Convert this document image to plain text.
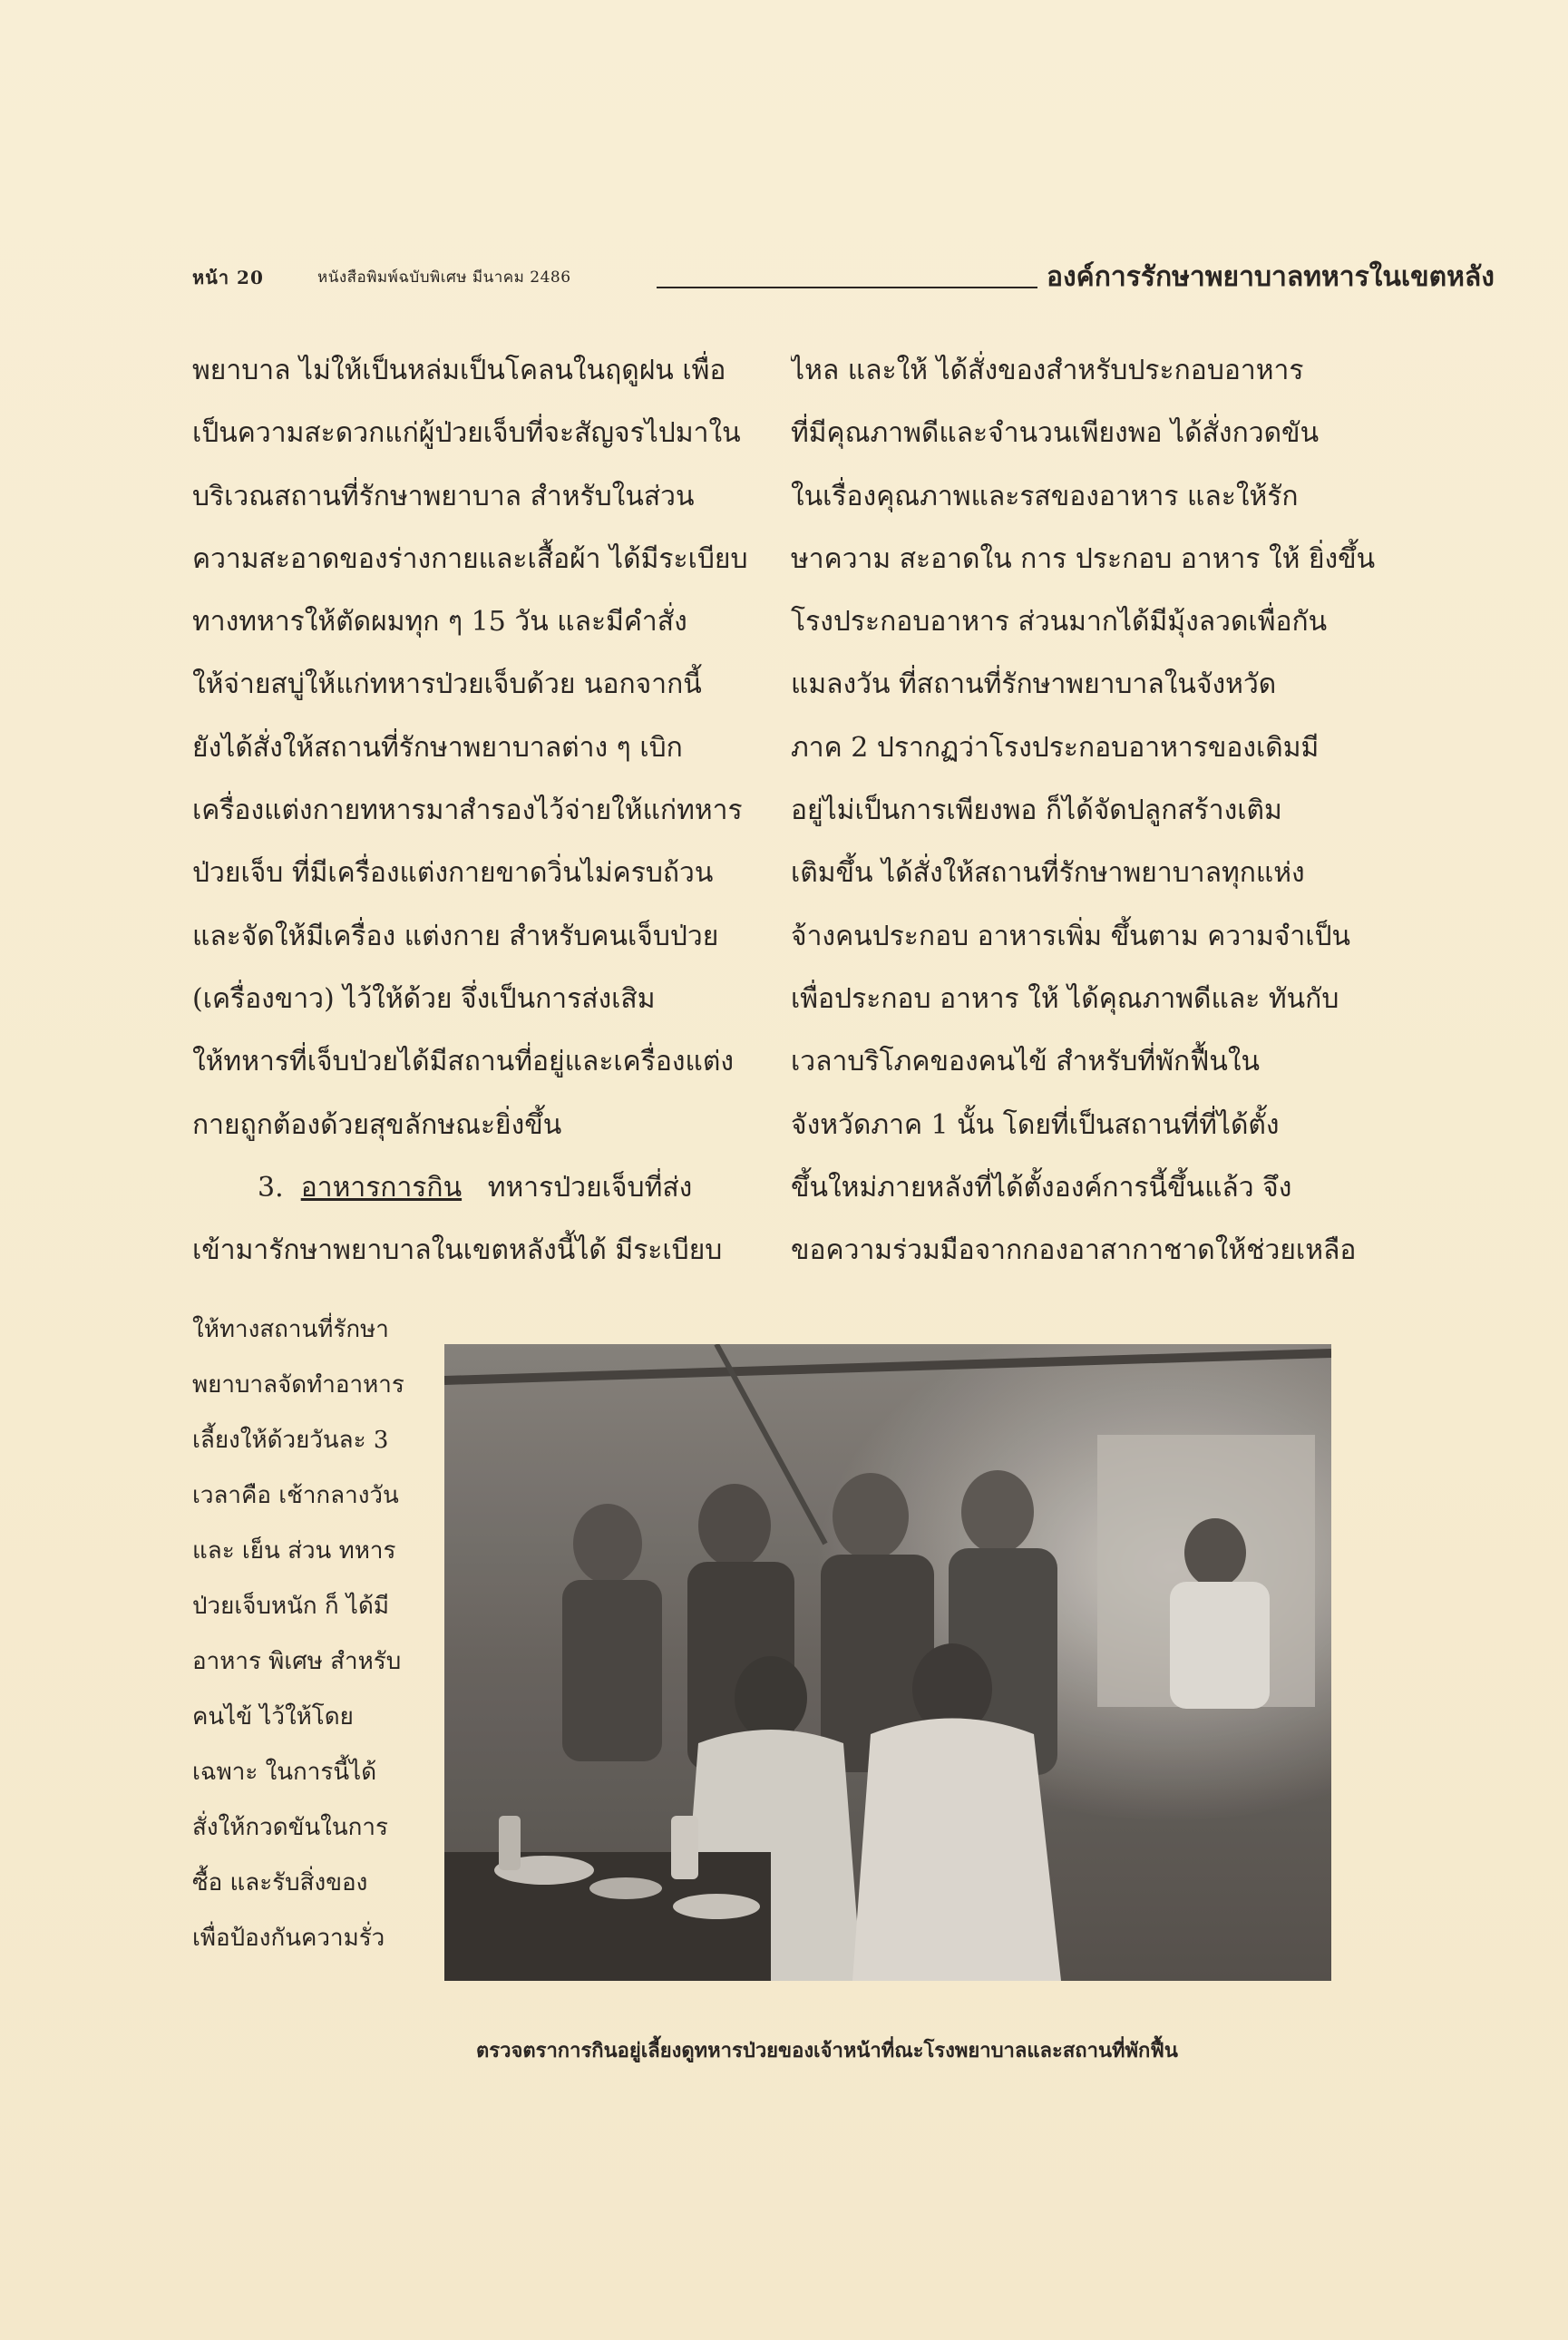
หน้า 20	หนังสือพิมพ์ฉบับพิเศษ มีนาคม 2486	องค์การรักษาพยาบาลทหารในเขตหลัง

พยาบาล ไม่ให้เป็นหล่มเป็นโคลนในฤดูฝน เพื่อ

เป็นความสะดวกแก่ผู้ป่วยเจ็บที่จะสัญจรไปมาใน

บริเวณสถานที่รักษาพยาบาล สำหรับในส่วน

ความสะอาดของร่างกายและเสื้อผ้า ได้มีระเบียบ

ทางทหารให้ตัดผมทุก ๆ 15 วัน และมีคำสั่ง

ให้จ่ายสบู่ให้แก่ทหารป่วยเจ็บด้วย นอกจากนี้

ยังได้สั่งให้สถานที่รักษาพยาบาลต่าง ๆ เบิก

เครื่องแต่งกายทหารมาสำรองไว้จ่ายให้แก่ทหาร

ป่วยเจ็บ ที่มีเครื่องแต่งกายขาดวิ่นไม่ครบถ้วน

และจัดให้มีเครื่อง แต่งกาย สำหรับคนเจ็บป่วย

(เครื่องขาว) ไว้ให้ด้วย จึ่งเป็นการส่งเสิม

ให้ทหารที่เจ็บป่วยได้มีสถานที่อยู่และเครื่องแต่ง

กายถูกต้องด้วยสุขลักษณะยิ่งขึ้น

3. อาหารการกิน ทหารป่วยเจ็บที่ส่ง

เข้ามารักษาพยาบาลในเขตหลังนี้ได้ มีระเบียบ

ไหล และให้ ได้สั่งของสำหรับประกอบอาหาร

ที่มีคุณภาพดีและจำนวนเพียงพอ ได้สั่งกวดขัน

ในเรื่องคุณภาพและรสของอาหาร และให้รัก

ษาความ สะอาดใน การ ประกอบ อาหาร ให้ ยิ่งขึ้น

โรงประกอบอาหาร ส่วนมากได้มีมุ้งลวดเพื่อกัน

แมลงวัน ที่สถานที่รักษาพยาบาลในจังหวัด

ภาค 2 ปรากฏว่าโรงประกอบอาหารของเดิมมี

อยู่ไม่เป็นการเพียงพอ ก็ได้จัดปลูกสร้างเติม

เติมขึ้น ได้สั่งให้สถานที่รักษาพยาบาลทุกแห่ง

จ้างคนประกอบ อาหารเพิ่ม ขึ้นตาม ความจำเป็น

เพื่อประกอบ อาหาร ให้ ได้คุณภาพดีและ ทันกับ

เวลาบริโภคของคนไข้ สำหรับที่พักฟื้นใน

จังหวัดภาค 1 นั้น โดยที่เป็นสถานที่ที่ได้ตั้ง

ขึ้นใหม่ภายหลังที่ได้ตั้งองค์การนี้ขึ้นแล้ว จึง

ขอความร่วมมือจากกองอาสากาชาดให้ช่วยเหลือ

ให้ทางสถานที่รักษา

พยาบาลจัดทำอาหาร

เลี้ยงให้ด้วยวันละ 3

เวลาคือ เช้ากลางวัน

และ เย็น ส่วน ทหาร

ป่วยเจ็บหนัก ก็ ได้มี

อาหาร พิเศษ สำหรับ

คนไข้ ไว้ให้โดย

เฉพาะ ในการนี้ได้

สั่งให้กวดขันในการ

ซื้อ และรับสิ่งของ

เพื่อป้องกันความรั่ว

ตรวจตราการกินอยู่เลี้ยงดูทหารป่วยของเจ้าหน้าที่ณะโรงพยาบาลและสถานที่พักฟื้น
